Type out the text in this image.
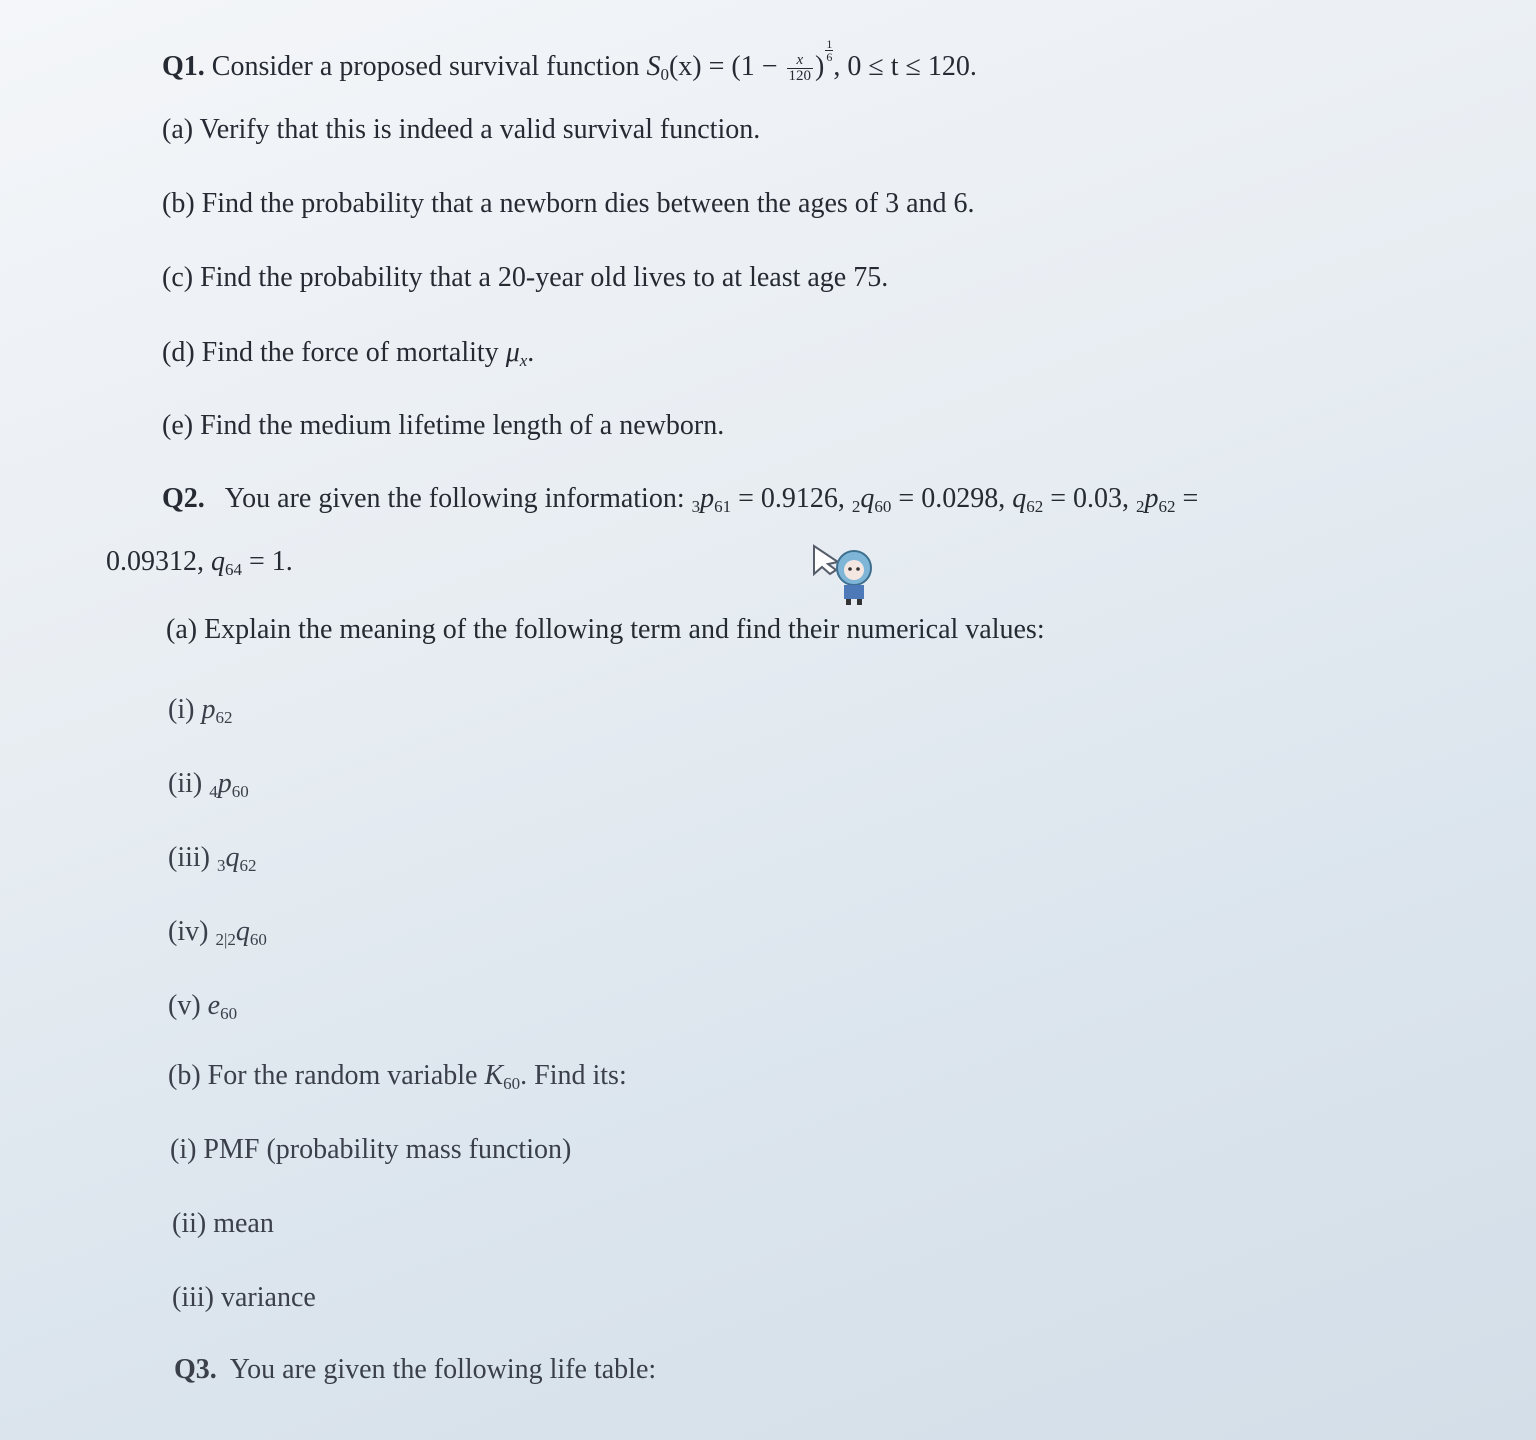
Q1. Consider a proposed survival function $S_0(x) = (1 - \frac{x}{120}$ )
$\frac{1}{6}$
, 0 ≤ t ≤ 120.
(a) Verify that this is indeed a valid survival function.
(b) Find the probability that a newborn dies between the ages of 3 and 6.
(c) Find the probability that a 20-year old lives to at least age 75.
(d) Find the force of mortality $\mu_x$.
(e) Find the medium lifetime length of a newborn.
Q2. You are given the following information: $3p_{61} = 0.9126$, $2q_{60} = 0.0298$, $q_{62} = 0.03$, $2p_{62}$ =
0.09312, $q_{64} = 1$.
(a) Explain the meaning of the following term and find their numerical values:
(i) $p_{62}$
(ii) $4p_{60}$
(iii) $3q_{62}$
(iv) $2|2q_{60}$
(v) $e_{60}$
(b) For the random variable $K_{60}$. Find its:
(i) PMF (probability mass function)
(ii) mean
(iii) variance
Q3. You are given the following life table:
